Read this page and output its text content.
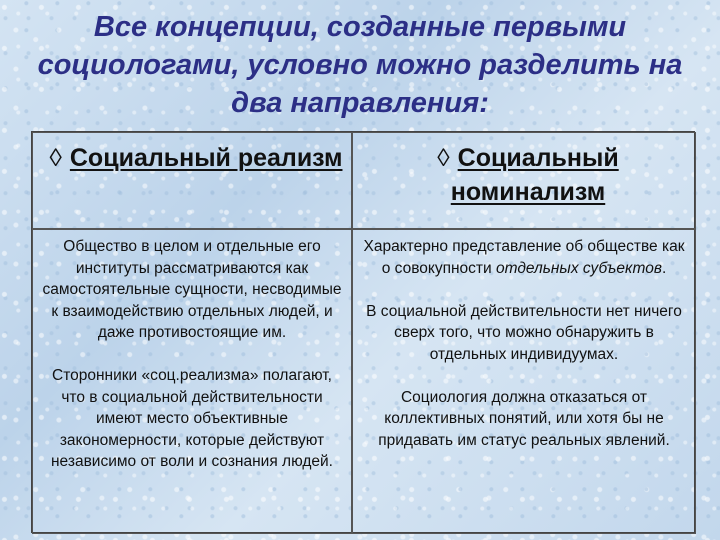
Все концепции, созданные первыми социологами, условно можно разделить на два направления:
◊ Социальный реализм	◊ Социальный номинализм

Общество в целом и отдельные его институты рассматриваются как самостоятельные сущности, несводимые к взаимодействию отдельных людей, и даже противостоящие им.

Сторонники «соц.реализма» полагают, что в социальной действительности имеют место объективные закономерности, которые действуют независимо от воли и сознания людей.

Характерно представление об обществе как о совокупности отдельных субъектов.

В социальной действительности нет ничего сверх того, что можно обнаружить в отдельных индивидуумах.

Социология должна отказаться от коллективных понятий, или хотя бы не придавать им статус реальных явлений.
